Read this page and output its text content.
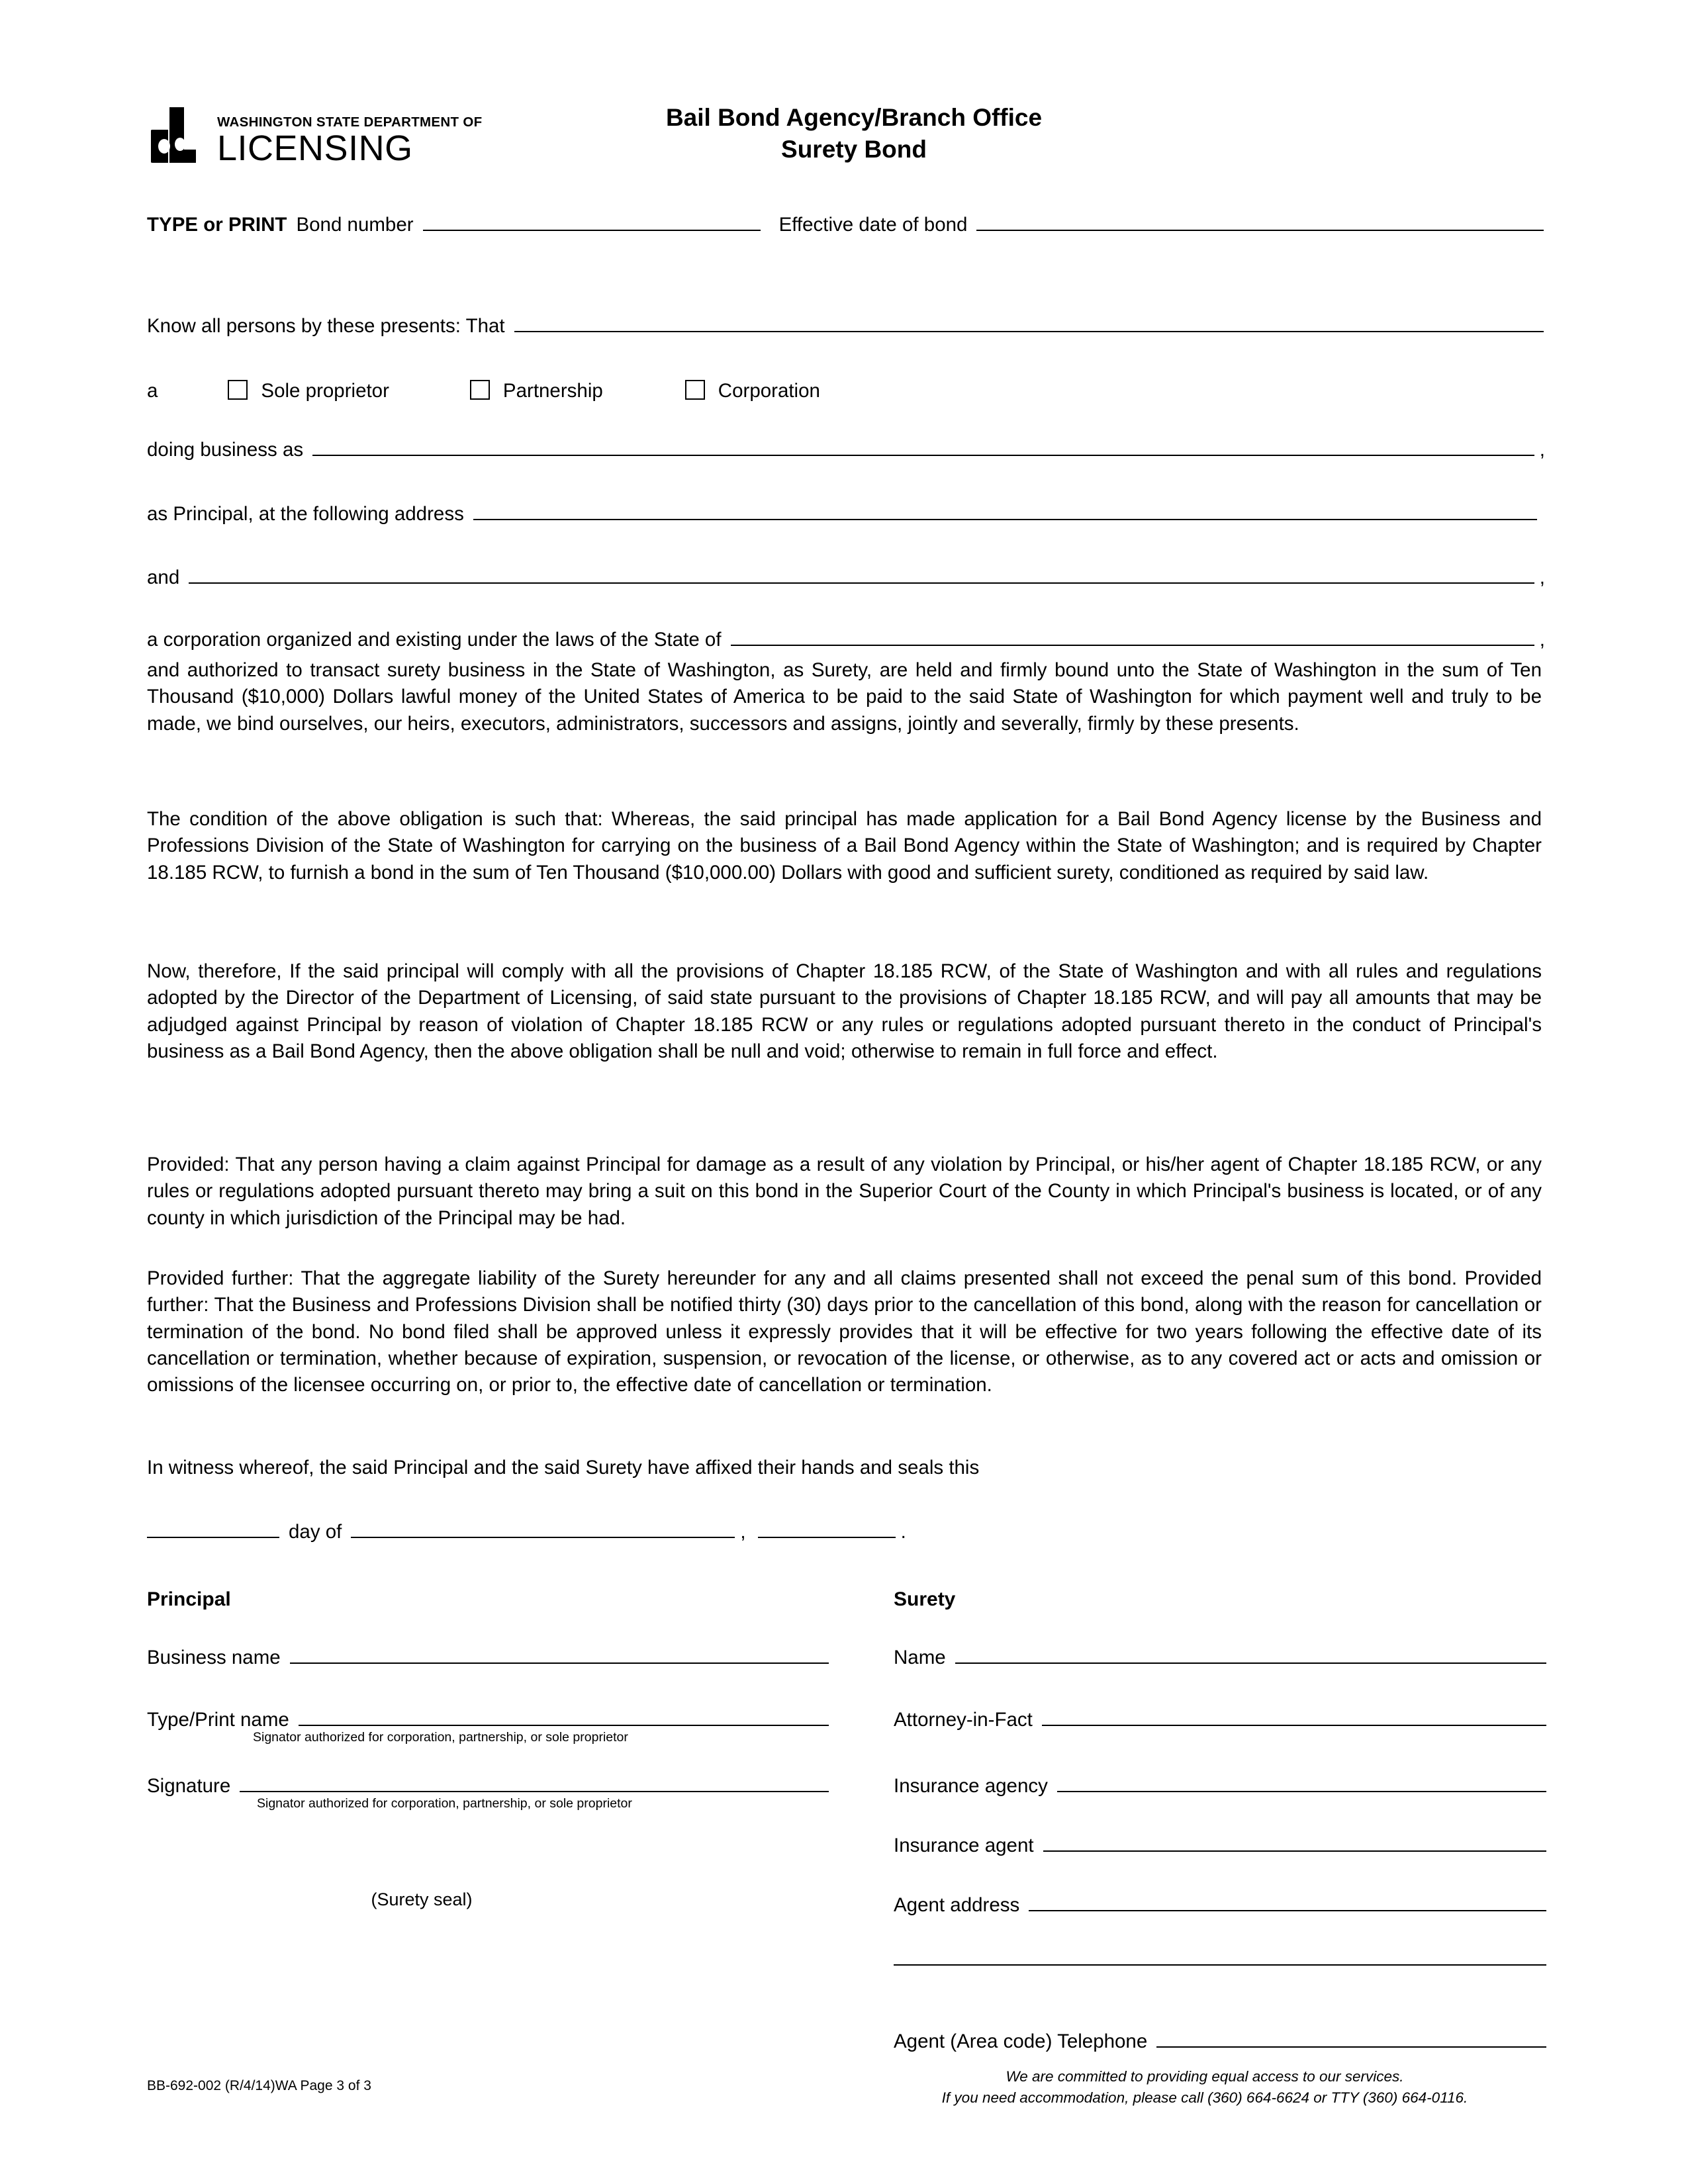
WASHINGTON STATE DEPARTMENT OF
LICENSING
Bail Bond Agency/Branch Office
Surety Bond
TYPE or PRINT Bond number	Effective date of bond
Know all persons by these presents: That
a	Sole proprietor	Partnership	Corporation
doing business as	,
as Principal, at the following address
and	,
a corporation organized and existing under the laws of the State of	,
and authorized to transact surety business in the State of Washington, as Surety, are held and firmly bound unto the State of Washington in the sum of Ten Thousand ($10,000) Dollars lawful money of the United States of America to be paid to the said State of Washington for which payment well and truly to be made, we bind ourselves, our heirs, executors, administrators, successors and assigns, jointly and severally, firmly by these presents.
The condition of the above obligation is such that: Whereas, the said principal has made application for a Bail Bond Agency license by the Business and Professions Division of the State of Washington for carrying on the business of a Bail Bond Agency within the State of Washington; and is required by Chapter 18.185 RCW, to furnish a bond in the sum of Ten Thousand ($10,000.00) Dollars with good and sufficient surety, conditioned as required by said law.
Now, therefore, If the said principal will comply with all the provisions of Chapter 18.185 RCW, of the State of Washington and with all rules and regulations adopted by the Director of the Department of Licensing, of said state pursuant to the provisions of Chapter 18.185 RCW, and will pay all amounts that may be adjudged against Principal by reason of violation of Chapter 18.185 RCW or any rules or regulations adopted pursuant thereto in the conduct of Principal's business as a Bail Bond Agency, then the above obligation shall be null and void; otherwise to remain in full force and effect.
Provided: That any person having a claim against Principal for damage as a result of any violation by Principal, or his/her agent of Chapter 18.185 RCW, or any rules or regulations adopted pursuant thereto may bring a suit on this bond in the Superior Court of the County in which Principal's business is located, or of any county in which jurisdiction of the Principal may be had.
Provided further: That the aggregate liability of the Surety hereunder for any and all claims presented shall not exceed the penal sum of this bond. Provided further: That the Business and Professions Division shall be notified thirty (30) days prior to the cancellation of this bond, along with the reason for cancellation or termination of the bond. No bond filed shall be approved unless it expressly provides that it will be effective for two years following the effective date of its cancellation or termination, whether because of expiration, suspension, or revocation of the license, or otherwise, as to any covered act or acts and omission or omissions of the licensee occurring on, or prior to, the effective date of cancellation or termination.
In witness whereof, the said Principal and the said Surety have affixed their hands and seals this
day of	,	.
Principal
Business name
Type/Print name
Signator authorized for corporation, partnership, or sole proprietor
Signature
Signator authorized for corporation, partnership, or sole proprietor
(Surety seal)
Surety
Name
Attorney-in-Fact
Insurance agency
Insurance agent
Agent address
Agent (Area code) Telephone
BB-692-002 (R/4/14)WA Page 3 of 3
We are committed to providing equal access to our services.
If you need accommodation, please call (360) 664-6624 or TTY (360) 664-0116.
